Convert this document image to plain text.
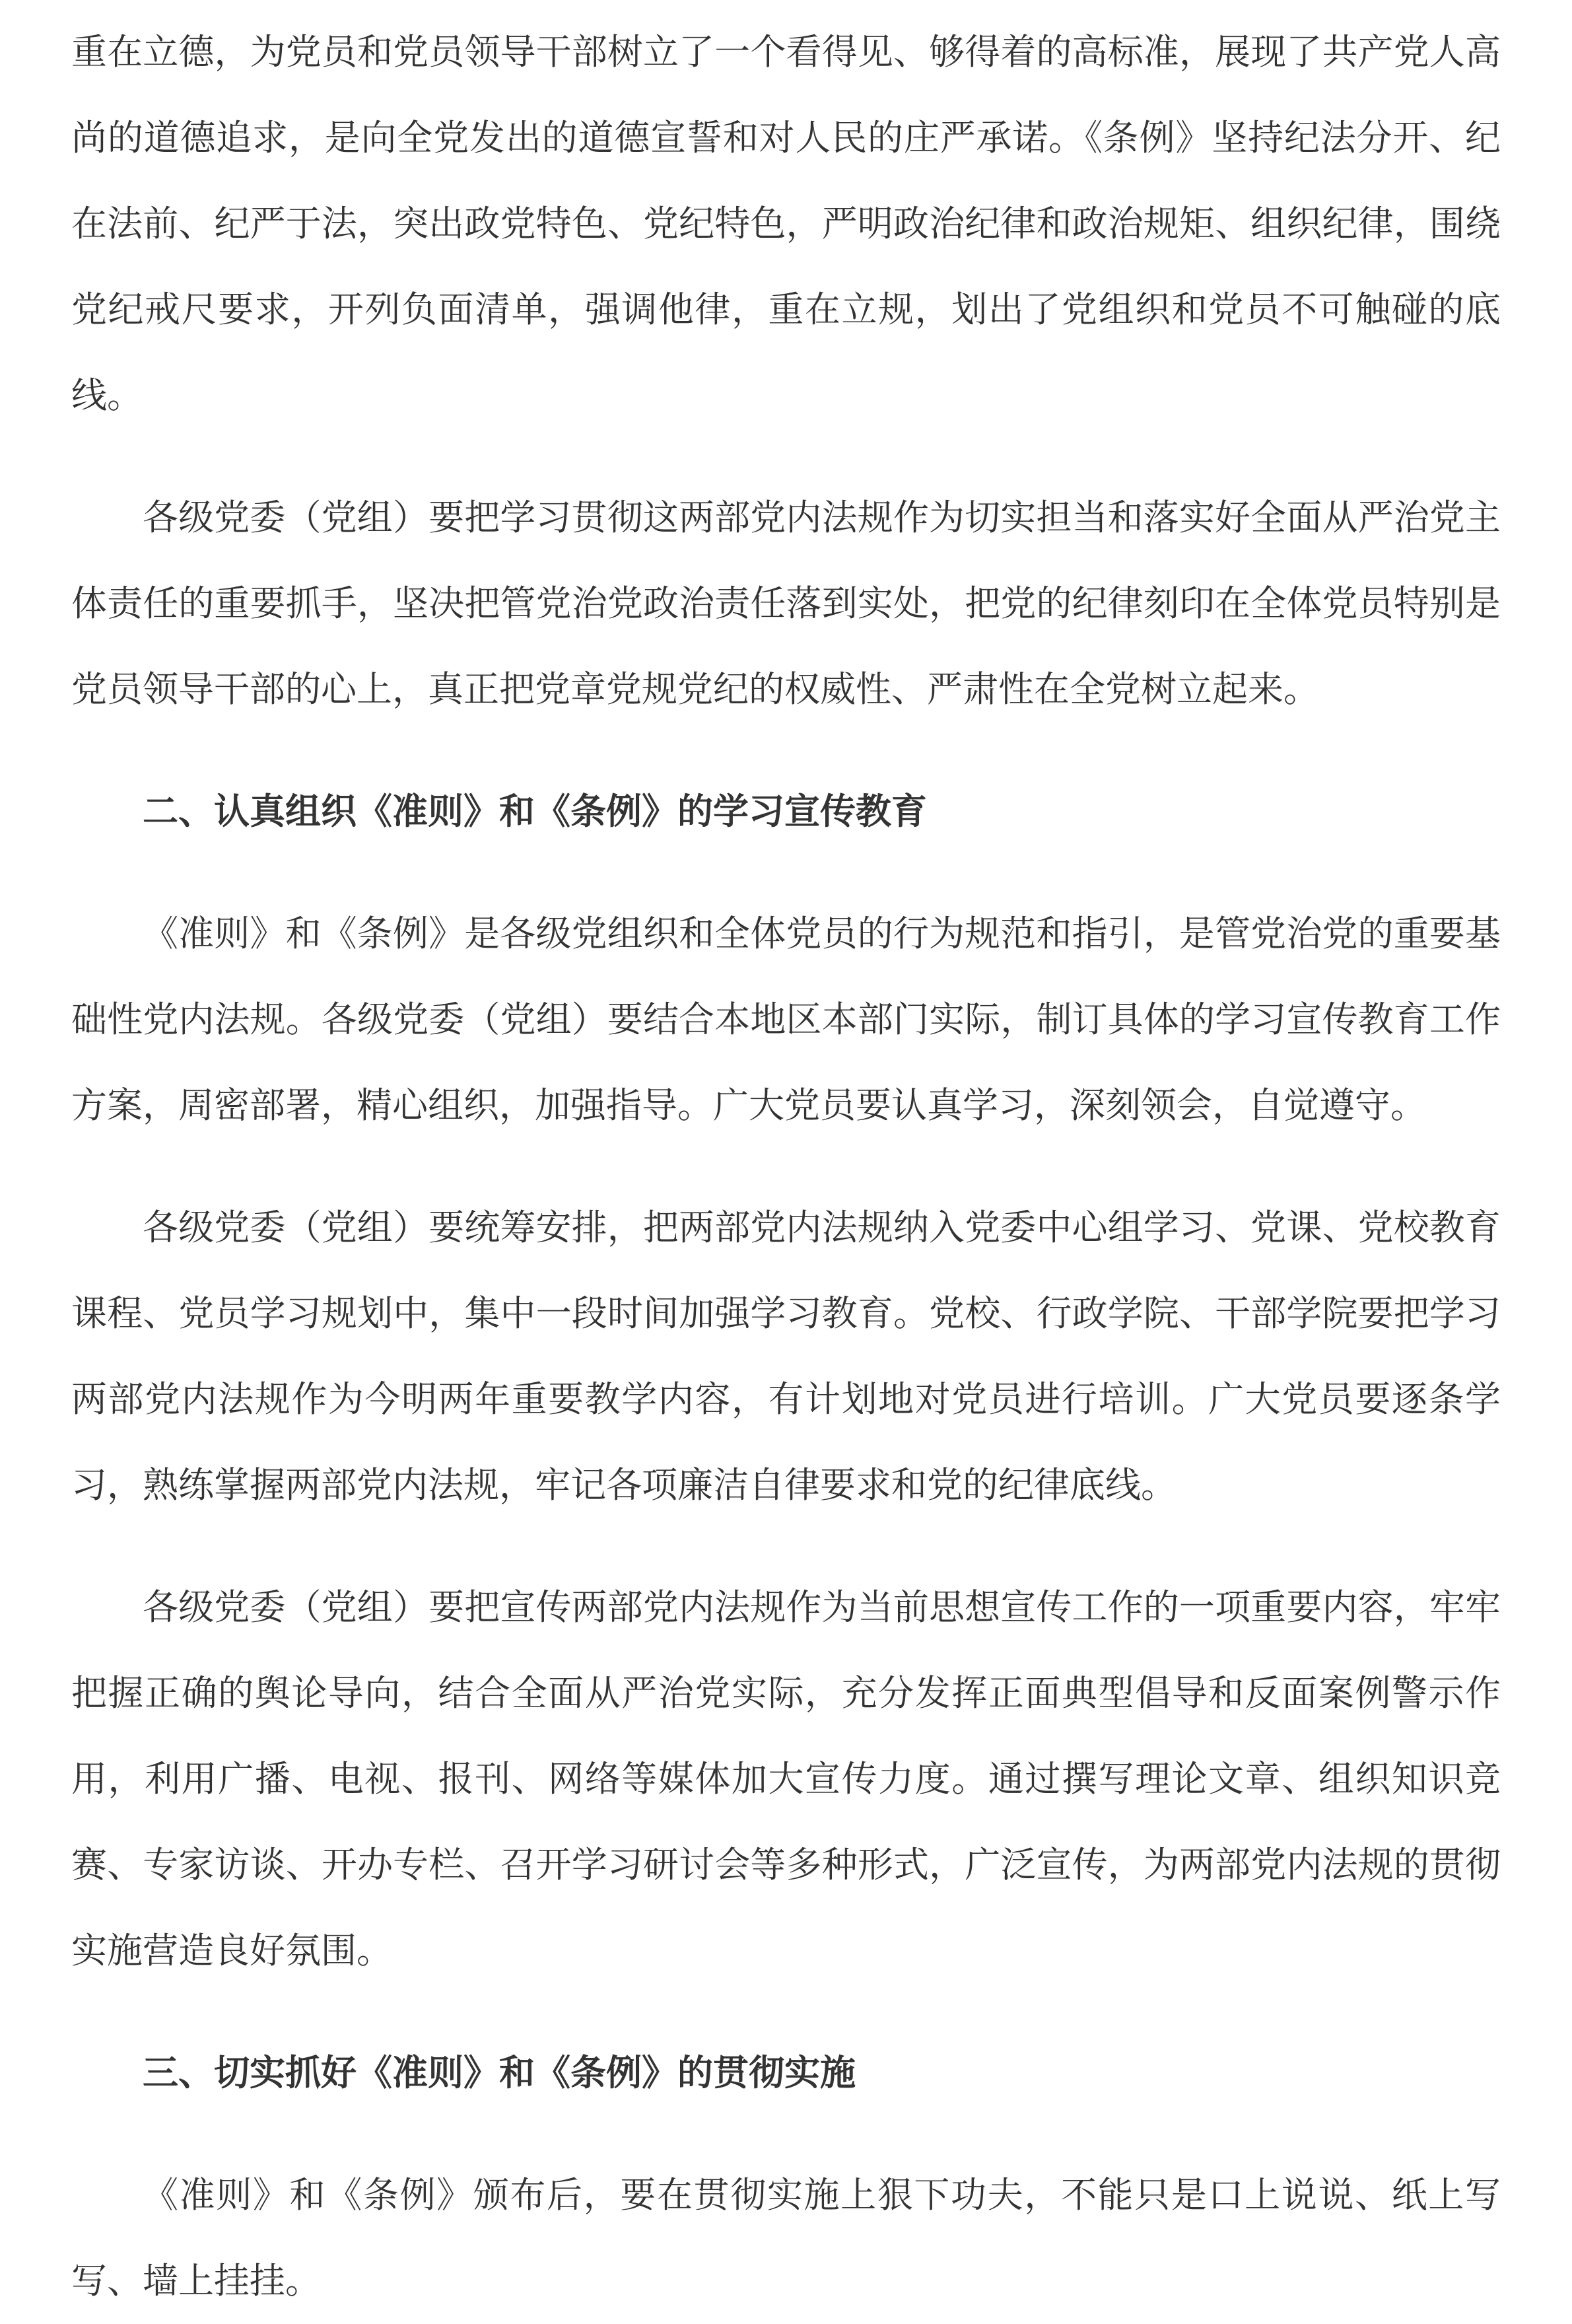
重在立德，为党员和党员领导干部树立了一个看得见、够得着的高标准，展现了共产党人高尚的道德追求，是向全党发出的道德宣誓和对人民的庄严承诺。《条例》坚持纪法分开、纪在法前、纪严于法，突出政党特色、党纪特色，严明政治纪律和政治规矩、组织纪律，围绕党纪戒尺要求，开列负面清单，强调他律，重在立规，划出了党组织和党员不可触碰的底线。

各级党委（党组）要把学习贯彻这两部党内法规作为切实担当和落实好全面从严治党主体责任的重要抓手，坚决把管党治党政治责任落到实处，把党的纪律刻印在全体党员特别是党员领导干部的心上，真正把党章党规党纪的权威性、严肃性在全党树立起来。

二、认真组织《准则》和《条例》的学习宣传教育

《准则》和《条例》是各级党组织和全体党员的行为规范和指引，是管党治党的重要基础性党内法规。各级党委（党组）要结合本地区本部门实际，制订具体的学习宣传教育工作方案，周密部署，精心组织，加强指导。广大党员要认真学习，深刻领会，自觉遵守。

各级党委（党组）要统筹安排，把两部党内法规纳入党委中心组学习、党课、党校教育课程、党员学习规划中，集中一段时间加强学习教育。党校、行政学院、干部学院要把学习两部党内法规作为今明两年重要教学内容，有计划地对党员进行培训。广大党员要逐条学习，熟练掌握两部党内法规，牢记各项廉洁自律要求和党的纪律底线。

各级党委（党组）要把宣传两部党内法规作为当前思想宣传工作的一项重要内容，牢牢把握正确的舆论导向，结合全面从严治党实际，充分发挥正面典型倡导和反面案例警示作用，利用广播、电视、报刊、网络等媒体加大宣传力度。通过撰写理论文章、组织知识竞赛、专家访谈、开办专栏、召开学习研讨会等多种形式，广泛宣传，为两部党内法规的贯彻实施营造良好氛围。

三、切实抓好《准则》和《条例》的贯彻实施

《准则》和《条例》颁布后，要在贯彻实施上狠下功夫，不能只是口上说说、纸上写写、墙上挂挂。
